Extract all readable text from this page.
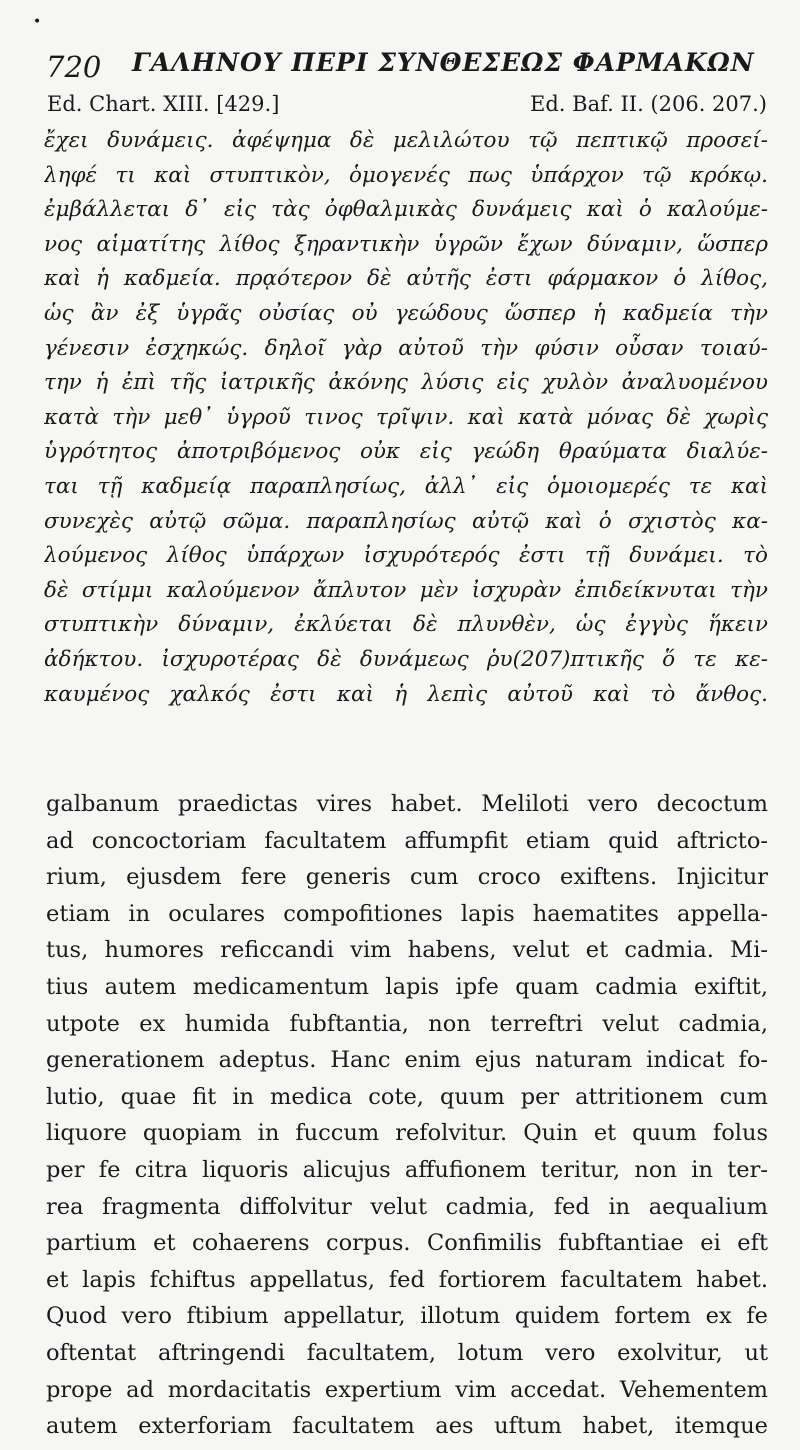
•
720 ΓΑΛΗΝΟΥ ΠΕΡΙ ΣΥΝΘΕΣΕΩΣ ΦΑΡΜΑΚΩΝ
Ed. Chart. XIII. [429.]	Ed. Baf. II. (206. 207.)
ἔχει δυνάμεις. ἀφέψημα δὲ μελιλώτου τῷ πεπτικῷ προσεί-
ληφέ τι καὶ στυπτικὸν, ὁμογενές πως ὑπάρχον τῷ κρόκῳ.
ἐμβάλλεται δ᾽ εἰς τὰς ὀφθαλμικὰς δυνάμεις καὶ ὁ καλούμε-
νος αἱματίτης λίθος ξηραντικὴν ὑγρῶν ἔχων δύναμιν, ὥσπερ
καὶ ἡ καδμεία. πρᾳότερον δὲ αὐτῆς ἐστι φάρμακον ὁ λίθος,
ὡς ἂν ἐξ ὑγρᾶς οὐσίας οὐ γεώδους ὥσπερ ἡ καδμεία τὴν
γένεσιν ἐσχηκώς. δηλοῖ γὰρ αὐτοῦ τὴν φύσιν οὖσαν τοιαύ-
την ἡ ἐπὶ τῆς ἰατρικῆς ἀκόνης λύσις εἰς χυλὸν ἀναλυομένου
κατὰ τὴν μεθ᾽ ὑγροῦ τινος τρῖψιν. καὶ κατὰ μόνας δὲ χωρὶς
ὑγρότητος ἀποτριβόμενος οὐκ εἰς γεώδη θραύματα διαλύε-
ται τῇ καδμείᾳ παραπλησίως, ἀλλ᾽ εἰς ὁμοιομερές τε καὶ
συνεχὲς αὐτῷ σῶμα. παραπλησίως αὐτῷ καὶ ὁ σχιστὸς κα-
λούμενος λίθος ὑπάρχων ἰσχυρότερός ἐστι τῇ δυνάμει. τὸ
δὲ στίμμι καλούμενον ἄπλυτον μὲν ἰσχυρὰν ἐπιδείκνυται τὴν
στυπτικὴν δύναμιν, ἐκλύεται δὲ πλυνθὲν, ὡς ἐγγὺς ἥκειν
ἀδήκτου. ἰσχυροτέρας δὲ δυνάμεως ῥυ(207)πτικῆς ὅ τε κε-
καυμένος χαλκός ἐστι καὶ ἡ λεπὶς αὐτοῦ καὶ τὸ ἄνθος.
galbanum praedictas vires habet. Meliloti vero decoctum
ad concoctoriam facultatem affumpfit etiam quid aftricto-
rium, ejusdem fere generis cum croco exiftens. Injicitur
etiam in oculares compofitiones lapis haematites appella-
tus, humores reficcandi vim habens, velut et cadmia. Mi-
tius autem medicamentum lapis ipfe quam cadmia exiftit,
utpote ex humida fubftantia, non terreftri velut cadmia,
generationem adeptus. Hanc enim ejus naturam indicat fo-
lutio, quae fit in medica cote, quum per attritionem cum
liquore quopiam in fuccum refolvitur. Quin et quum folus
per fe citra liquoris alicujus affufionem teritur, non in ter-
rea fragmenta diffolvitur velut cadmia, fed in aequalium
partium et cohaerens corpus. Confimilis fubftantiae ei eft
et lapis fchiftus appellatus, fed fortiorem facultatem habet.
Quod vero ftibium appellatur, illotum quidem fortem ex fe
oftentat aftringendi facultatem, lotum vero exolvitur, ut
prope ad mordacitatis expertium vim accedat. Vehementem
autem exterforiam facultatem aes uftum habet, itemque
